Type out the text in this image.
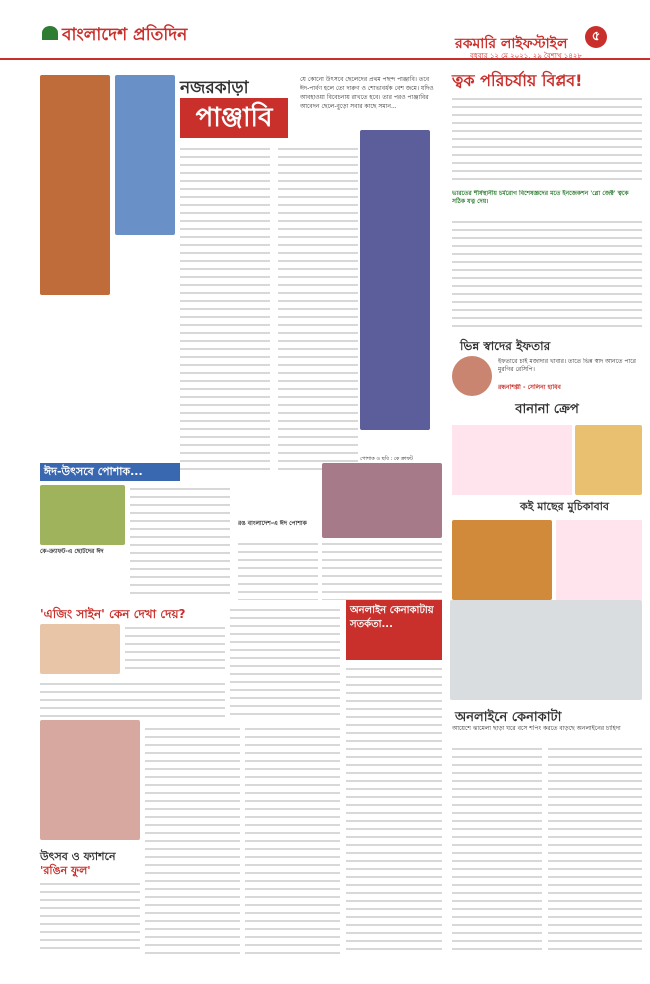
বাংলাদেশ প্রতিদিন	রকমারি লাইফস্টাইল	৫
বুধবার ১২ মে ২০২১, ২৯ বৈশাখ ১৪২৮
নজরকাড়া
পাঞ্জাবি
যে কোনো উৎসবে ছেলেদের প্রথম পছন্দ পাঞ্জাবি। তবে ঈদ-পার্বণ হলে তো দারুণ ও শোভাবর্ধক বেশ জমে। যদিও আবহাওয়া বিবেচনায় রাখতে হবে। তার পরও পাঞ্জাবির আবেদন ছেলে-বুড়ো সবার কাছে সমান...
পোশাক ও ছবি : কে ক্রাফট
ত্বক পরিচর্যায় বিপ্লব!
ভারতের শীর্ষস্থানীয় চর্মরোগ বিশেষজ্ঞদের মতে ইনজেকশন 'গ্লো জেক্ট' ত্বকে সঠিক যত্ন দেয়।
ভিন্ন স্বাদের ইফতার
ইফতারে চাই মজাদার খাবার। তাতে ভিন্ন স্বাদ আনতে পারে মুরগির রেসিপি।
রন্ধনশিল্পী - সেলিনা হাবিব
বানানা ক্রেপ
কই মাছের মুচিকাবাব
ঈদ-উৎসবে পোশাক...
কে-ক্র্যাফট-এ ছোটদের ঈদ
রঙ বাংলাদেশ-এ ঈদ পোশাক
'এজিং সাইন' কেন দেখা দেয়?	অনলাইন কেনাকাটায় সতর্কতা...
অনলাইনে কেনাকাটা
আয়েশে ঝামেলা ছাড়া ঘরে বসে শপিং করতে বাড়ছে অনলাইনের চাহিদা
উৎসব ও ফ্যাশনে
'রঙিন ফুল'
